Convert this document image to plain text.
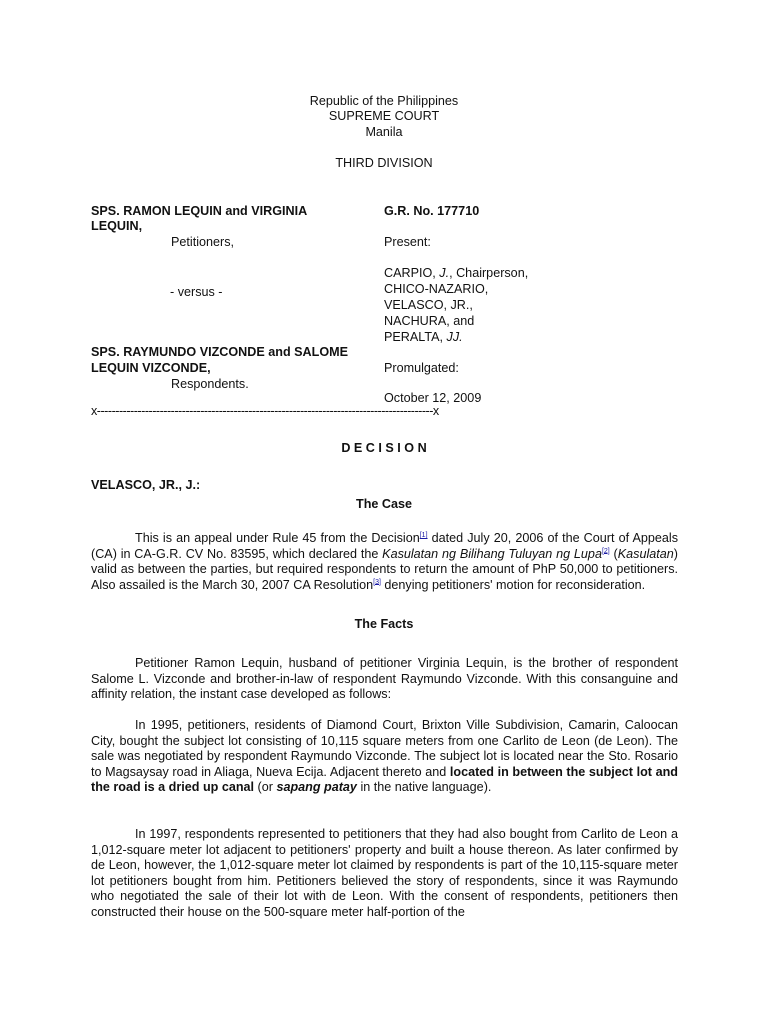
Republic of the Philippines
SUPREME COURT
Manila
THIRD DIVISION
SPS. RAMON LEQUIN and VIRGINIA
LEQUIN,
Petitioners,
- versus -
SPS. RAYMUNDO VIZCONDE and SALOME
LEQUIN VIZCONDE,
Respondents.
G.R. No. 177710
Present:
CARPIO, J., Chairperson,
CHICO-NAZARIO,
VELASCO, JR.,
NACHURA, and
PERALTA, JJ.
Promulgated:
October 12, 2009
x-------------------------------------------------------------------------------------------x
D E C I S I O N
VELASCO, JR., J.:
The Case
This is an appeal under Rule 45 from the Decision[1] dated July 20, 2006 of the Court of Appeals (CA) in CA-G.R. CV No. 83595, which declared the Kasulatan ng Bilihang Tuluyan ng Lupa[2] (Kasulatan) valid as between the parties, but required respondents to return the amount of PhP 50,000 to petitioners. Also assailed is the March 30, 2007 CA Resolution[3] denying petitioners' motion for reconsideration.
The Facts
Petitioner Ramon Lequin, husband of petitioner Virginia Lequin, is the brother of respondent Salome L. Vizconde and brother-in-law of respondent Raymundo Vizconde. With this consanguine and affinity relation, the instant case developed as follows:
In 1995, petitioners, residents of Diamond Court, Brixton Ville Subdivision, Camarin, Caloocan City, bought the subject lot consisting of 10,115 square meters from one Carlito de Leon (de Leon). The sale was negotiated by respondent Raymundo Vizconde. The subject lot is located near the Sto. Rosario to Magsaysay road in Aliaga, Nueva Ecija. Adjacent thereto and located in between the subject lot and the road is a dried up canal (or sapang patay in the native language).
In 1997, respondents represented to petitioners that they had also bought from Carlito de Leon a 1,012-square meter lot adjacent to petitioners' property and built a house thereon. As later confirmed by de Leon, however, the 1,012-square meter lot claimed by respondents is part of the 10,115-square meter lot petitioners bought from him. Petitioners believed the story of respondents, since it was Raymundo who negotiated the sale of their lot with de Leon. With the consent of respondents, petitioners then constructed their house on the 500-square meter half-portion of the
